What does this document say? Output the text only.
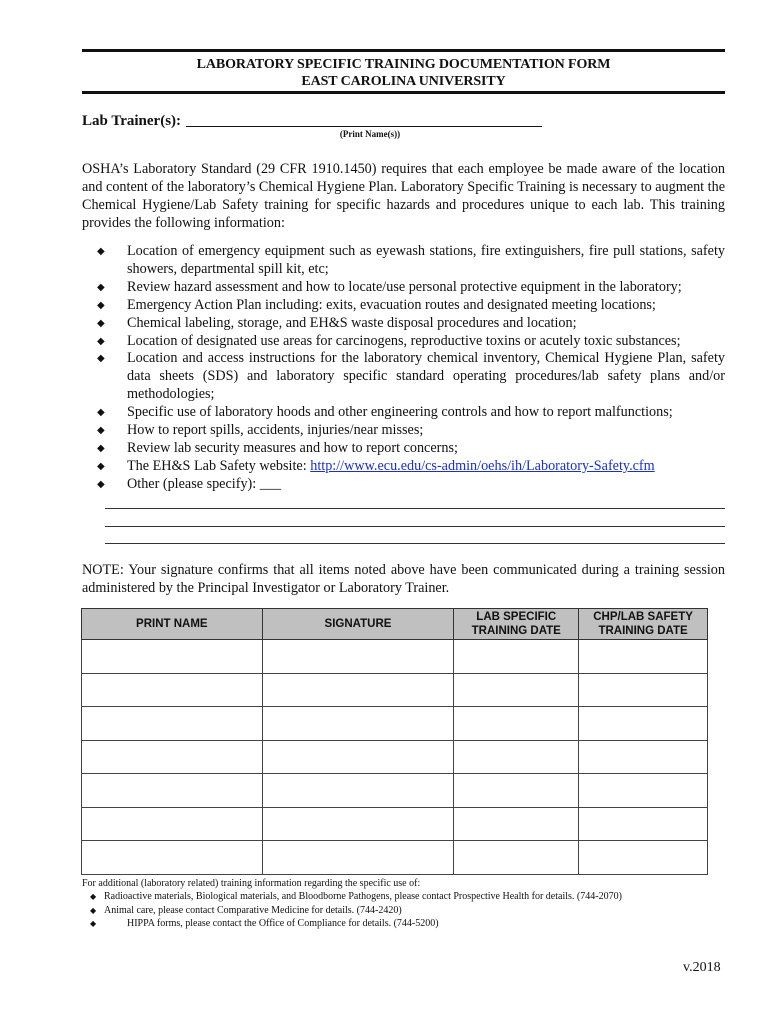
LABORATORY SPECIFIC TRAINING DOCUMENTATION FORM
EAST CAROLINA UNIVERSITY
Lab Trainer(s):
(Print Name(s))
OSHA’s Laboratory Standard (29 CFR 1910.1450) requires that each employee be made aware of the location and content of the laboratory’s Chemical Hygiene Plan. Laboratory Specific Training is necessary to augment the Chemical Hygiene/Lab Safety training for specific hazards and procedures unique to each lab. This training provides the following information:
◆ Location of emergency equipment such as eyewash stations, fire extinguishers, fire pull stations, safety showers, departmental spill kit, etc;
◆ Review hazard assessment and how to locate/use personal protective equipment in the laboratory;
◆ Emergency Action Plan including: exits, evacuation routes and designated meeting locations;
◆ Chemical labeling, storage, and EH&S waste disposal procedures and location;
◆ Location of designated use areas for carcinogens, reproductive toxins or acutely toxic substances;
◆ Location and access instructions for the laboratory chemical inventory, Chemical Hygiene Plan, safety data sheets (SDS) and laboratory specific standard operating procedures/lab safety plans and/or methodologies;
◆ Specific use of laboratory hoods and other engineering controls and how to report malfunctions;
◆ How to report spills, accidents, injuries/near misses;
◆ Review lab security measures and how to report concerns;
◆ The EH&S Lab Safety website: http://www.ecu.edu/cs-admin/oehs/ih/Laboratory-Safety.cfm
◆ Other (please specify): ___
NOTE: Your signature confirms that all items noted above have been communicated during a training session administered by the Principal Investigator or Laboratory Trainer.
PRINT NAME	SIGNATURE	LAB SPECIFIC TRAINING DATE	CHP/LAB SAFETY TRAINING DATE

For additional (laboratory related) training information regarding the specific use of:
◆ Radioactive materials, Biological materials, and Bloodborne Pathogens, please contact Prospective Health for details. (744-2070)
◆ Animal care, please contact Comparative Medicine for details. (744-2420)
◆	HIPPA forms, please contact the Office of Compliance for details. (744-5200)
v.2018
